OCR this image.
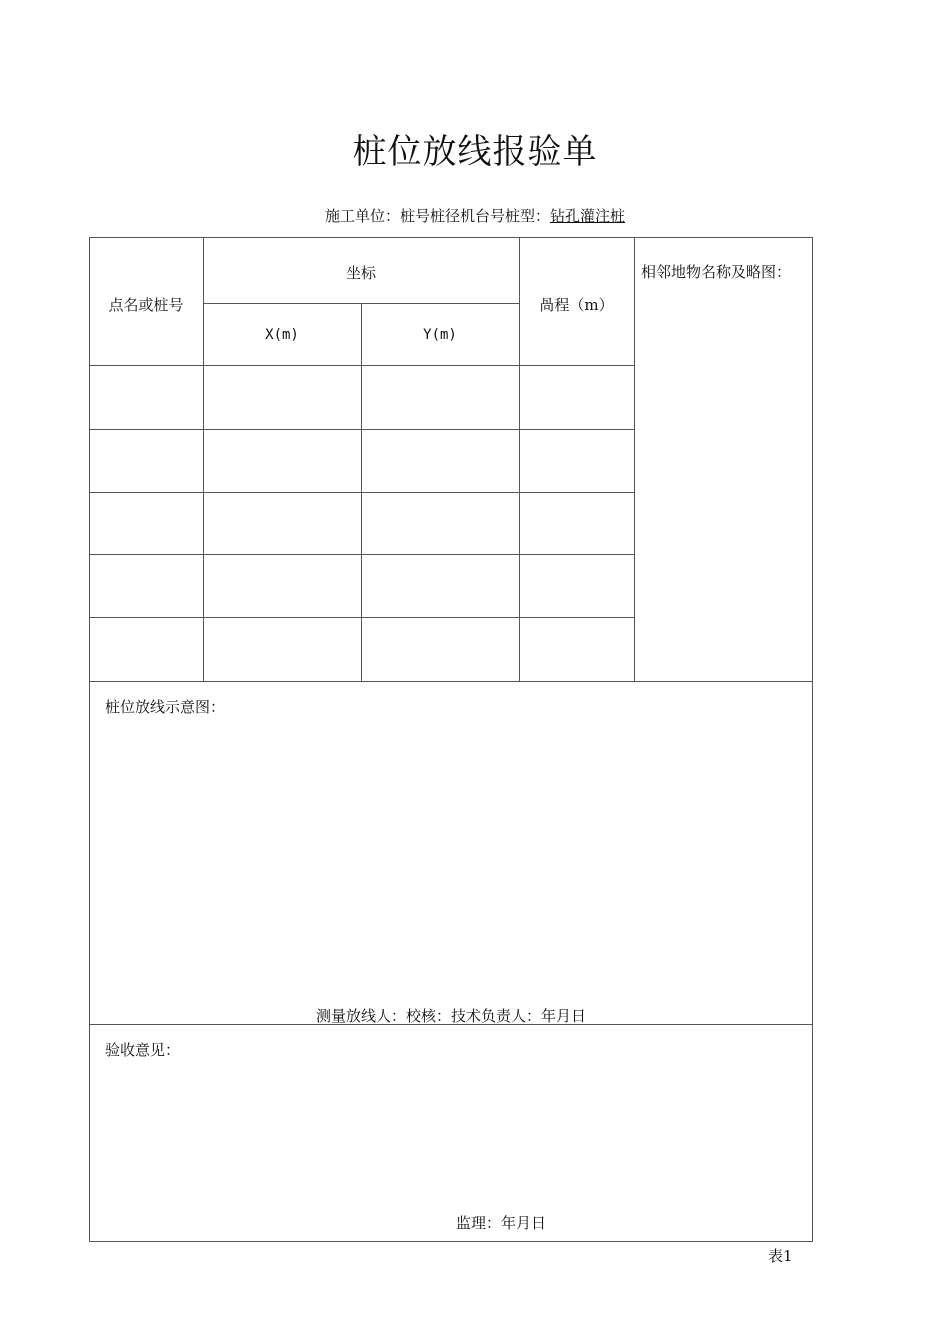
桩位放线报验单
施工单位：桩号桩径机台号桩型：钻孔灌注桩
点名或桩号
坐标
X(m)	Y(m)
咼程（m）
相邻地物名称及略图：
桩位放线示意图：
测量放线人：校核：技术负责人：年月日
验收意见：
监理：年月日
表1
